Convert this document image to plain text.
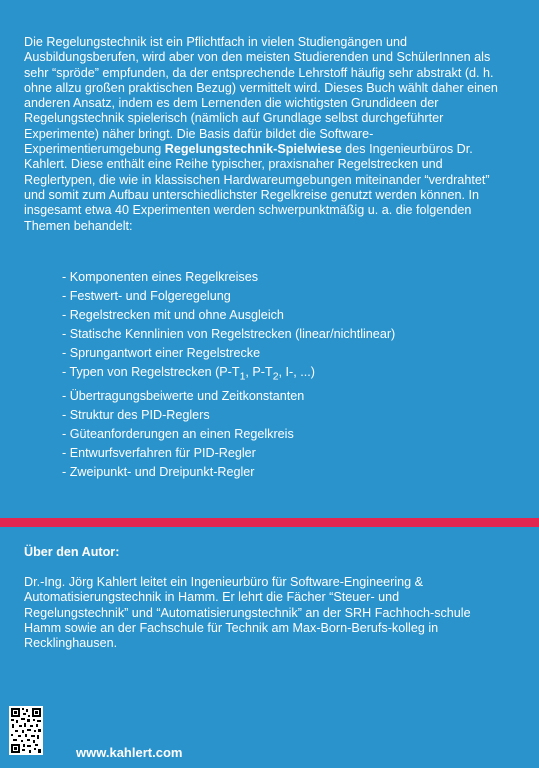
Die Regelungstechnik ist ein Pflichtfach in vielen Studiengängen und Ausbildungsberufen, wird aber von den meisten Studierenden und SchülerInnen als sehr “spröde” empfunden, da der entsprechende Lehrstoff häufig sehr abstrakt (d. h. ohne allzu großen praktischen Bezug) vermittelt wird. Dieses Buch wählt daher einen anderen Ansatz, indem es dem Lernenden die wichtigsten Grundideen der Regelungstechnik spielerisch (nämlich auf Grundlage selbst durchgeführter Experimente) näher bringt. Die Basis dafür bildet die Software-Experimentierumgebung Regelungstechnik-Spielwiese des Ingenieurbüros Dr. Kahlert. Diese enthält eine Reihe typischer, praxisnaher Regelstrecken und Reglertypen, die wie in klassischen Hardwareumgebungen miteinander “verdrahtet” und somit zum Aufbau unterschiedlichster Regelkreise genutzt werden können. In insgesamt etwa 40 Experimenten werden schwerpunktmäßig u. a. die folgenden Themen behandelt:

- Komponenten eines Regelkreises
- Festwert- und Folgeregelung
- Regelstrecken mit und ohne Ausgleich
- Statische Kennlinien von Regelstrecken (linear/nichtlinear)
- Sprungantwort einer Regelstrecke
- Typen von Regelstrecken ($P-T_1$, $P-T_2$, I-, ...)
- Übertragungsbeiwerte und Zeitkonstanten
- Struktur des PID-Reglers
- Güteanforderungen an einen Regelkreis
- Entwurfsverfahren für PID-Regler
- Zweipunkt- und Dreipunkt-Regler

Über den Autor:

Dr.-Ing. Jörg Kahlert leitet ein Ingenieurbüro für Software-Engineering & Automatisierungstechnik in Hamm. Er lehrt die Fächer “Steuer- und Regelungstechnik” und “Automatisierungstechnik” an der SRH Fachhoch-schule Hamm sowie an der Fachschule für Technik am Max-Born-Berufs-kolleg in Recklinghausen.

www.kahlert.com
